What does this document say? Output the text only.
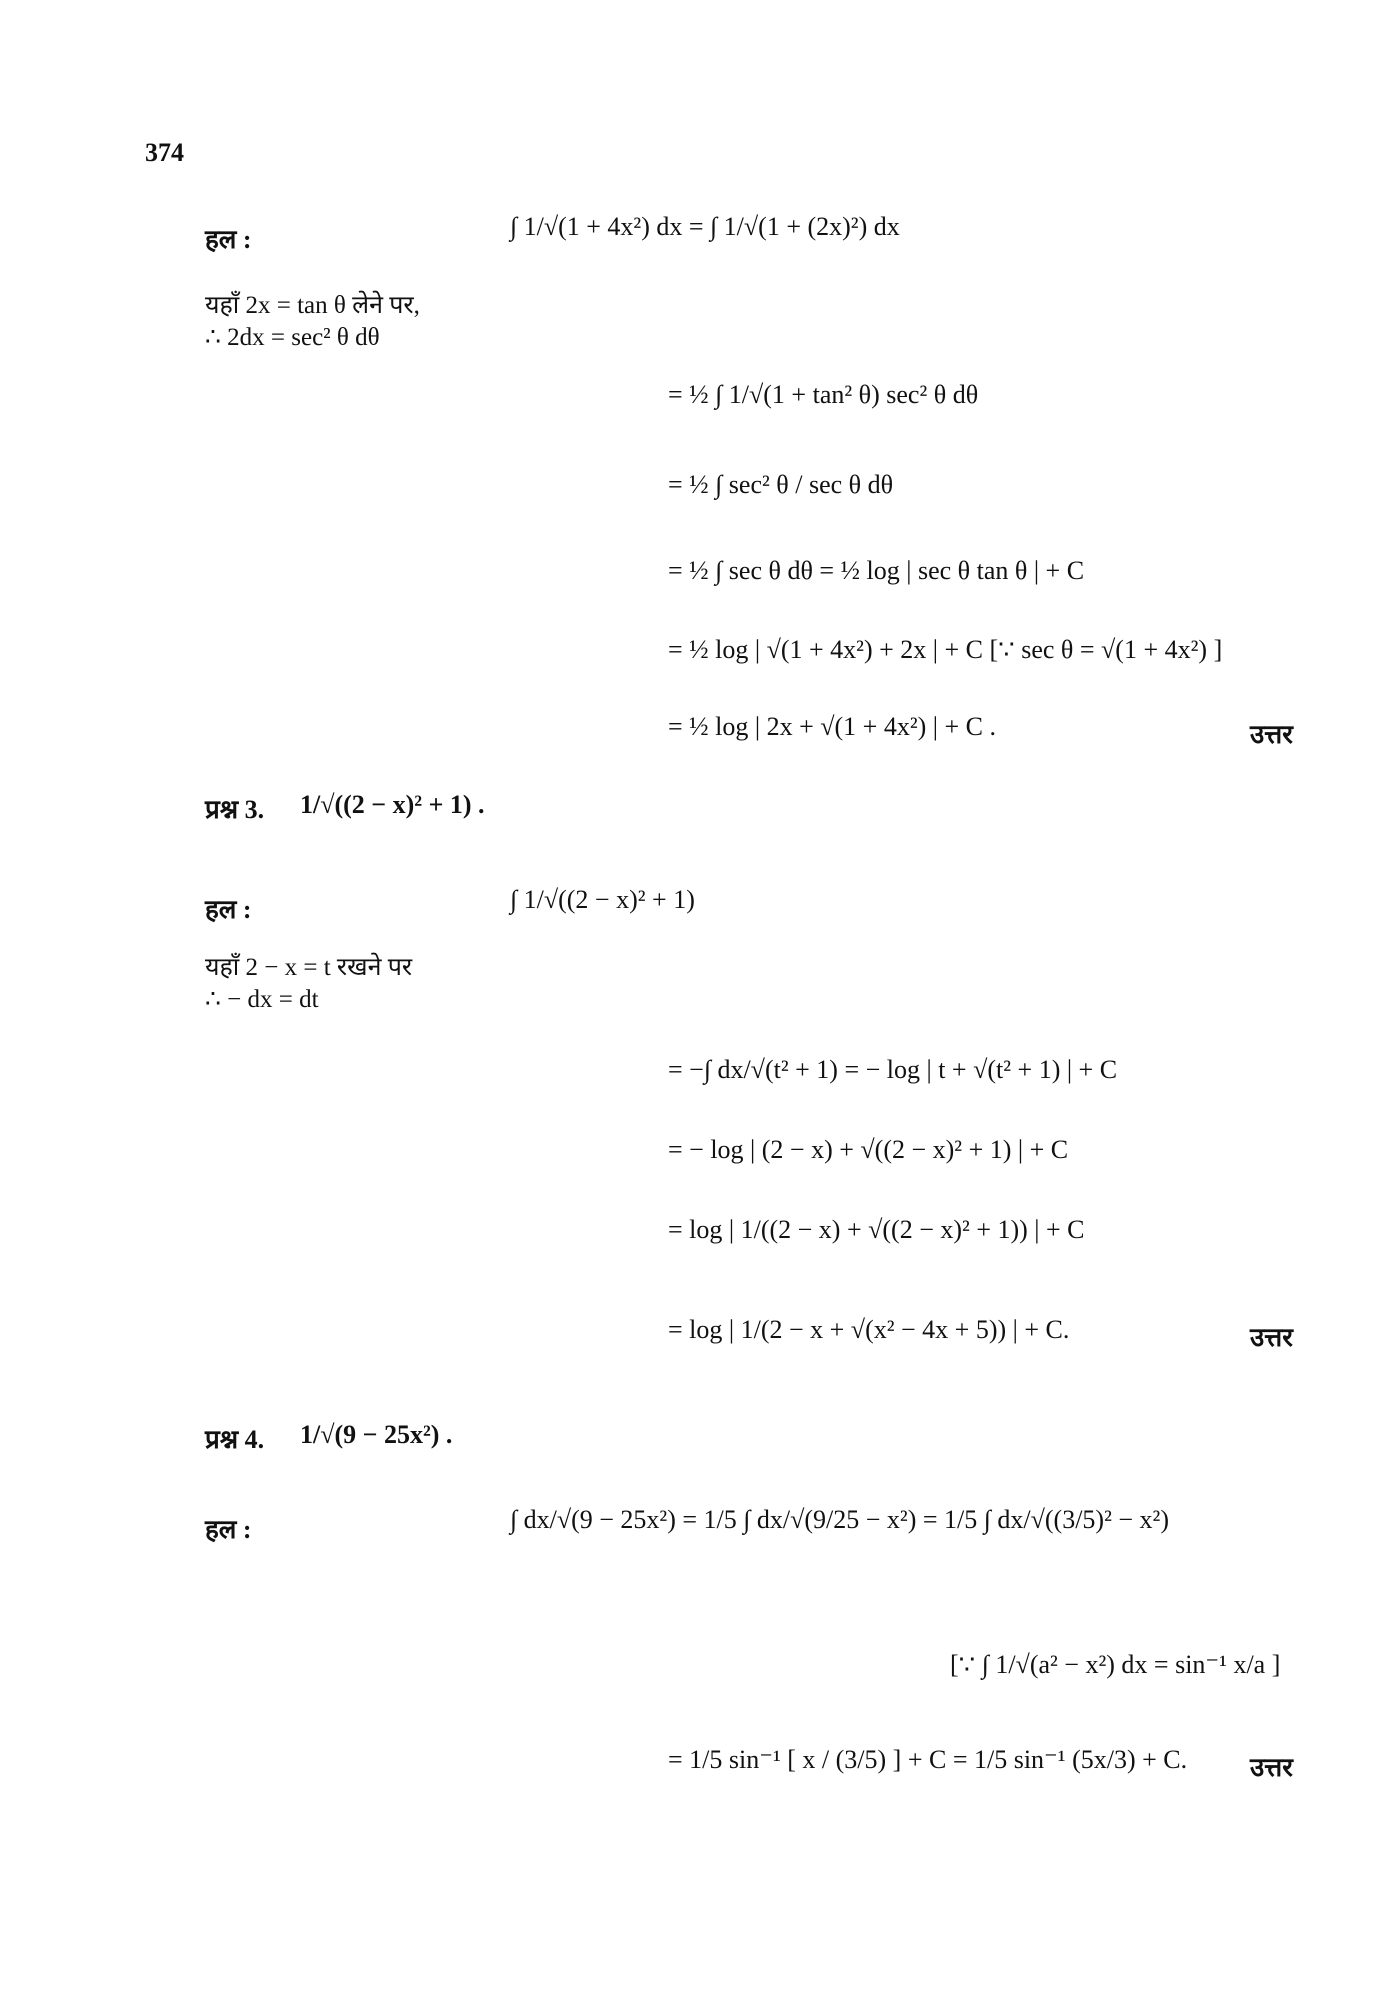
374
हल :	∫ 1/√(1 + 4x²) dx = ∫ 1/√(1 + (2x)²) dx
यहाँ 2x = tan θ लेने पर,
∴ 2dx = sec² θ dθ
= ½ ∫ 1/√(1 + tan² θ) sec² θ dθ
= ½ ∫ sec² θ / sec θ dθ
= ½ ∫ sec θ dθ = ½ log | sec θ tan θ | + C
= ½ log | √(1 + 4x²) + 2x | + C [∵ sec θ = √(1 + 4x²) ]
= ½ log | 2x + √(1 + 4x²) | + C .	उत्तर
प्रश्न 3. 1/√((2 − x)² + 1) .
हल :	∫ 1/√((2 − x)² + 1)
यहाँ 2 − x = t रखने पर
∴ − dx = dt
= −∫ dx/√(t² + 1) = − log | t + √(t² + 1) | + C
= − log | (2 − x) + √((2 − x)² + 1) | + C
= log | 1/((2 − x) + √((2 − x)² + 1)) | + C
= log | 1/(2 − x + √(x² − 4x + 5)) | + C.	उत्तर
प्रश्न 4. 1/√(9 − 25x²) .
हल :	∫ dx/√(9 − 25x²) = 1/5 ∫ dx/√(9/25 − x²) = 1/5 ∫ dx/√((3/5)² − x²)
[∵ ∫ 1/√(a² − x²) dx = sin⁻¹ x/a ]
= 1/5 sin⁻¹ [ x / (3/5) ] + C = 1/5 sin⁻¹ (5x/3) + C. उत्तर
